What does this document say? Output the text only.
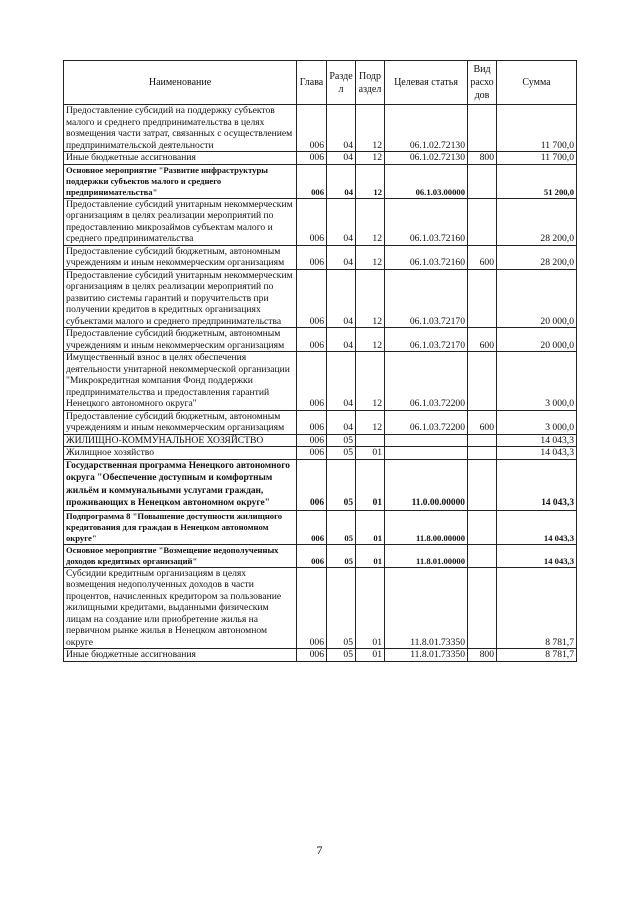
Наименование	Глава	Разде л	Подр аздел	Целевая статья	Вид расхо дов	Сумма
Предоставление субсидий на поддержку субъектов малого и среднего предпринимательства в целях возмещения части затрат, связанных с осуществлением предпринимательской деятельности	006	04	12	06.1.02.72130		11 700,0
Иные бюджетные ассигнования	006	04	12	06.1.02.72130	800	11 700,0
Основное мероприятие "Развитие инфраструктуры поддержки субъектов малого и среднего предпринимательства"	006	04	12	06.1.03.00000		51 200,0
Предоставление субсидий унитарным некоммерческим организациям в целях реализации мероприятий по предоставлению микрозаймов субъектам малого и среднего предпринимательства	006	04	12	06.1.03.72160		28 200,0
Предоставление субсидий бюджетным, автономным учреждениям и иным некоммерческим организациям	006	04	12	06.1.03.72160	600	28 200,0
Предоставление субсидий унитарным некоммерческим организациям в целях реализации мероприятий по развитию системы гарантий и поручительств при получении кредитов в кредитных организациях субъектами малого и среднего предпринимательства	006	04	12	06.1.03.72170		20 000,0
Предоставление субсидий бюджетным, автономным учреждениям и иным некоммерческим организациям	006	04	12	06.1.03.72170	600	20 000,0
Имущественный взнос в целях обеспечения деятельности унитарной некоммерческой организации "Микрокредитная компания Фонд поддержки предпринимательства и предоставления гарантий Ненецкого автономного округа"	006	04	12	06.1.03.72200		3 000,0
Предоставление субсидий бюджетным, автономным учреждениям и иным некоммерческим организациям	006	04	12	06.1.03.72200	600	3 000,0
ЖИЛИЩНО-КОММУНАЛЬНОЕ ХОЗЯЙСТВО	006	05				14 043,3
Жилищное хозяйство	006	05	01			14 043,3
Государственная программа Ненецкого автономного округа "Обеспечение доступным и комфортным жильём и коммунальными услугами граждан, проживающих в Ненецком автономном округе"	006	05	01	11.0.00.00000		14 043,3
Подпрограмма 8 "Повышение доступности жилищного кредитования для граждан в Ненецком автономном округе"	006	05	01	11.8.00.00000		14 043,3
Основное мероприятие "Возмещение недополученных доходов кредитных организаций"	006	05	01	11.8.01.00000		14 043,3
Субсидии кредитным организациям в целях возмещения недополученных доходов в части процентов, начисленных кредитором за пользование жилищными кредитами, выданными физическим лицам на создание или приобретение жилья на первичном рынке жилья в Ненецком автономном округе	006	05	01	11.8.01.73350		8 781,7
Иные бюджетные ассигнования	006	05	01	11.8.01.73350	800	8 781,7
7
